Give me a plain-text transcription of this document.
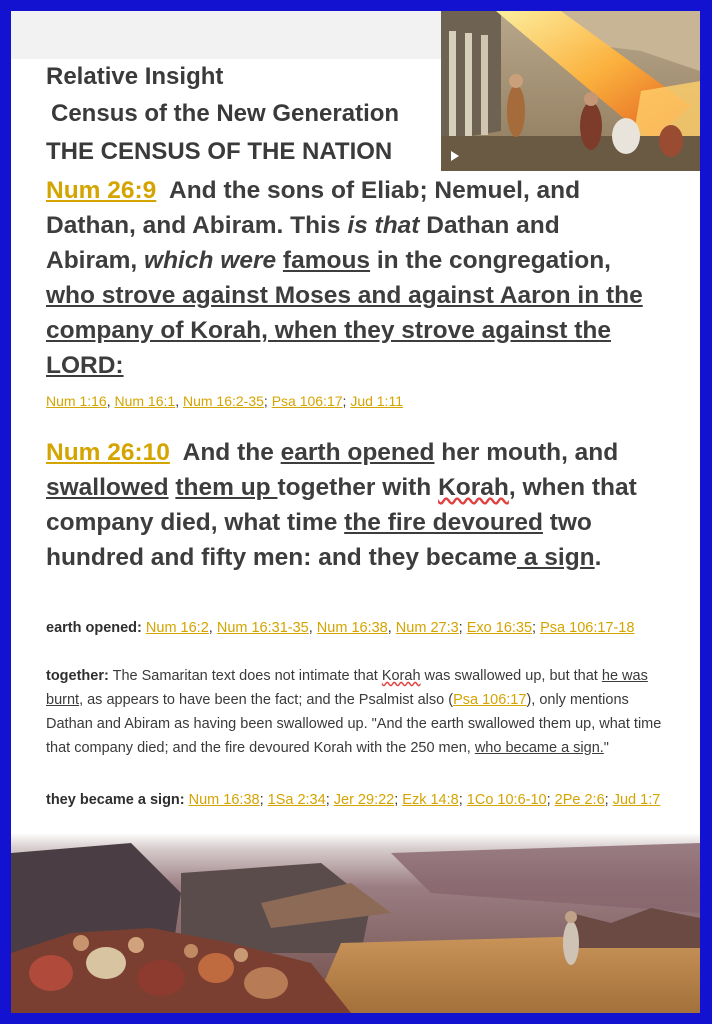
Relative Insight
Census of the New Generation
THE CENSUS OF THE NATION
Num 26:9 And the sons of Eliab; Nemuel, and Dathan, and Abiram. This is that Dathan and Abiram, which were famous in the congregation, who strove against Moses and against Aaron in the company of Korah, when they strove against the LORD:
Num 1:16, Num 16:1, Num 16:2-35; Psa 106:17; Jud 1:11
Num 26:10 And the earth opened her mouth, and swallowed them up together with Korah, when that company died, what time the fire devoured two hundred and fifty men: and they became a sign.
earth opened: Num 16:2, Num 16:31-35, Num 16:38, Num 27:3; Exo 16:35; Psa 106:17-18
together: The Samaritan text does not intimate that Korah was swallowed up, but that he was burnt, as appears to have been the fact; and the Psalmist also (Psa 106:17), only mentions Dathan and Abiram as having been swallowed up. "And the earth swallowed them up, what time that company died; and the fire devoured Korah with the 250 men, who became a sign."
they became a sign: Num 16:38; 1Sa 2:34; Jer 29:22; Ezk 14:8; 1Co 10:6-10; 2Pe 2:6; Jud 1:7
